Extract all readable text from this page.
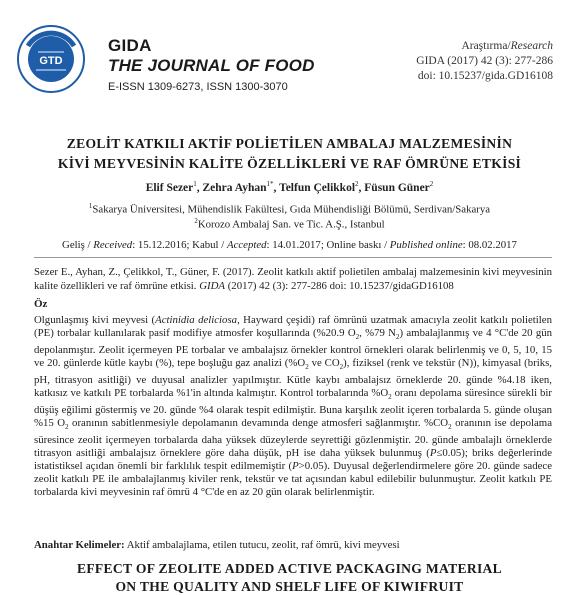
GTD
GIDA
THE JOURNAL OF FOOD
E-ISSN 1309-6273, ISSN 1300-3070
Araştırma/Research
GIDA (2017) 42 (3): 277-286
doi: 10.15237/gida.GD16108
ZEOLİT KATKILI AKTİF POLİETİLEN AMBALAJ MALZEMESİNİN
KİVİ MEYVESİNİN KALİTE ÖZELLİKLERİ VE RAF ÖMRÜNE ETKİSİ
Elif Sezer$^1$, Zehra Ayhan$^{1*}$, Telfun Çelikkol$^2$, Füsun Güner$^2$
$^1$Sakarya Üniversitesi, Mühendislik Fakültesi, Gıda Mühendisliği Bölümü, Serdivan/Sakarya
$^2$Korozo Ambalaj San. ve Tic. A.Ş., Istanbul
Geliş / Received: 15.12.2016; Kabul / Accepted: 14.01.2017; Online baskı / Published online: 08.02.2017
Sezer E., Ayhan, Z., Çelikkol, T., Güner, F. (2017). Zeolit katkılı aktif polietilen ambalaj malzemesinin kivi meyvesinin kalite özellikleri ve raf ömrüne etkisi. GIDA (2017) 42 (3): 277-286 doi: 10.15237/gidaGD16108
Öz
Olgunlaşmış kivi meyvesi (Actinidia deliciosa, Hayward çeşidi) raf ömrünü uzatmak amacıyla zeolit katkılı polietilen (PE) torbalar kullanılarak pasif modifiye atmosfer koşullarında (%20.9 $O_2$, %79 $N_2$) ambalajlanmış ve 4 °C'de 20 gün depolanmıştır. Zeolit içermeyen PE torbalar ve ambalajsız örnekler kontrol örnekleri olarak belirlenmiş ve 0, 5, 10, 15 ve 20. günlerde kütle kaybı (%), tepe boşluğu gaz analizi ($\%O_2$ ve $CO_2$), fiziksel (renk ve tekstür (N)), kimyasal (briks, pH, titrasyon asitliği) ve duyusal analizler yapılmıştır. Kütle kaybı ambalajsız örneklerde 20. günde %4.18 iken, katkısız ve katkılı PE torbalarda %1'in altında kalmıştır. Kontrol torbalarında $\%O_2$ oranı depolama süresince sürekli bir düşüş eğilimi göstermiş ve 20. günde %4 olarak tespit edilmiştir. Buna karşılık zeolit içeren torbalarda 5. günde oluşan %15 $O_2$ oranının sabitlenmesiyle depolamanın devamında denge atmosferi sağlanmıştır. $\%CO_2$ oranının ise depolama süresince zeolit içermeyen torbalarda daha yüksek düzeylerde seyrettiği gözlenmiştir. 20. günde ambalajlı örneklerde titrasyon asitliği ambalajsız örneklere göre daha düşük, pH ise daha yüksek bulunmuş (P≤0.05); briks değerlerinde istatistiksel açıdan önemli bir farklılık tespit edilmemiştir (P>0.05). Duyusal değerlendirmelere göre 20. günde sadece zeolit katkılı PE ile ambalajlanmış kiviler renk, tekstür ve tat açısından kabul edilebilir bulunmuştur. Zeolit katkılı PE torbalarda kivi meyvesinin raf ömrü 4 °C'de en az 20 gün olarak belirlenmiştir.
Anahtar Kelimeler: Aktif ambalajlama, etilen tutucu, zeolit, raf ömrü, kivi meyvesi
EFFECT OF ZEOLITE ADDED ACTIVE PACKAGING MATERIAL
ON THE QUALITY AND SHELF LIFE OF KIWIFRUIT
